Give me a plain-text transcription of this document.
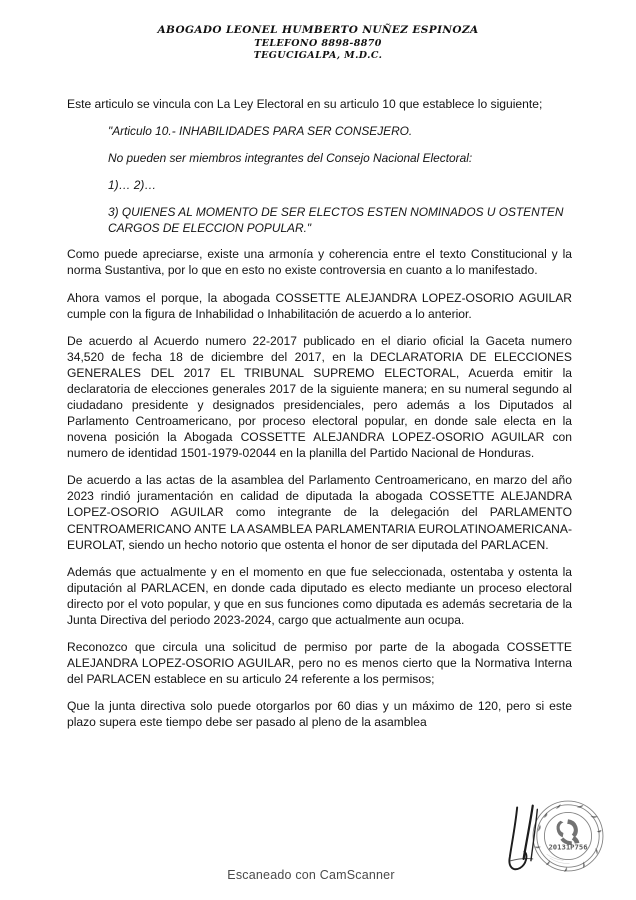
ABOGADO LEONEL HUMBERTO NUÑEZ ESPINOZA
TELEFONO 8898-8870
TEGUCIGALPA, M.D.C.

Este articulo se vincula con La Ley Electoral en su articulo 10 que establece lo siguiente;

"Articulo 10.- INHABILIDADES PARA SER CONSEJERO.

No pueden ser miembros integrantes del Consejo Nacional Electoral:

1)… 2)…

3) QUIENES AL MOMENTO DE SER ELECTOS ESTEN NOMINADOS U OSTENTEN CARGOS DE ELECCION POPULAR."

Como puede apreciarse, existe una armonía y coherencia entre el texto Constitucional y la norma Sustantiva, por lo que en esto no existe controversia en cuanto a lo manifestado.

Ahora vamos el porque, la abogada COSSETTE ALEJANDRA LOPEZ-OSORIO AGUILAR cumple con la figura de Inhabilidad o Inhabilitación de acuerdo a lo anterior.

De acuerdo al Acuerdo numero 22-2017 publicado en el diario oficial la Gaceta numero 34,520 de fecha 18 de diciembre del 2017, en la DECLARATORIA DE ELECCIONES GENERALES DEL 2017 EL TRIBUNAL SUPREMO ELECTORAL, Acuerda emitir la declaratoria de elecciones generales 2017 de la siguiente manera; en su numeral segundo al ciudadano presidente y designados presidenciales, pero además a los Diputados al Parlamento Centroamericano, por proceso electoral popular, en donde sale electa en la novena posición la Abogada COSSETTE ALEJANDRA LOPEZ-OSORIO AGUILAR con numero de identidad 1501-1979-02044 en la planilla del Partido Nacional de Honduras.

De acuerdo a las actas de la asamblea del Parlamento Centroamericano, en marzo del año 2023 rindió juramentación en calidad de diputada la abogada COSSETTE ALEJANDRA LOPEZ-OSORIO AGUILAR como integrante de la delegación del PARLAMENTO CENTROAMERICANO ANTE LA ASAMBLEA PARLAMENTARIA EUROLATINOAMERICANA-EUROLAT, siendo un hecho notorio que ostenta el honor de ser diputada del PARLACEN.

Además que actualmente y en el momento en que fue seleccionada, ostentaba y ostenta la diputación al PARLACEN, en donde cada diputado es electo mediante un proceso electoral directo por el voto popular, y que en sus funciones como diputada es además secretaria de la Junta Directiva del periodo 2023-2024, cargo que actualmente aun ocupa.

Reconozco que circula una solicitud de permiso por parte de la abogada COSSETTE ALEJANDRA LOPEZ-OSORIO AGUILAR, pero no es menos cierto que la Normativa Interna del PARLACEN establece en su articulo 24 referente a los permisos;

Que la junta directiva solo puede otorgarlos por 60 dias y un máximo de 120, pero si este plazo supera este tiempo debe ser pasado al pleno de la asamblea

20131P756
Escaneado con CamScanner
